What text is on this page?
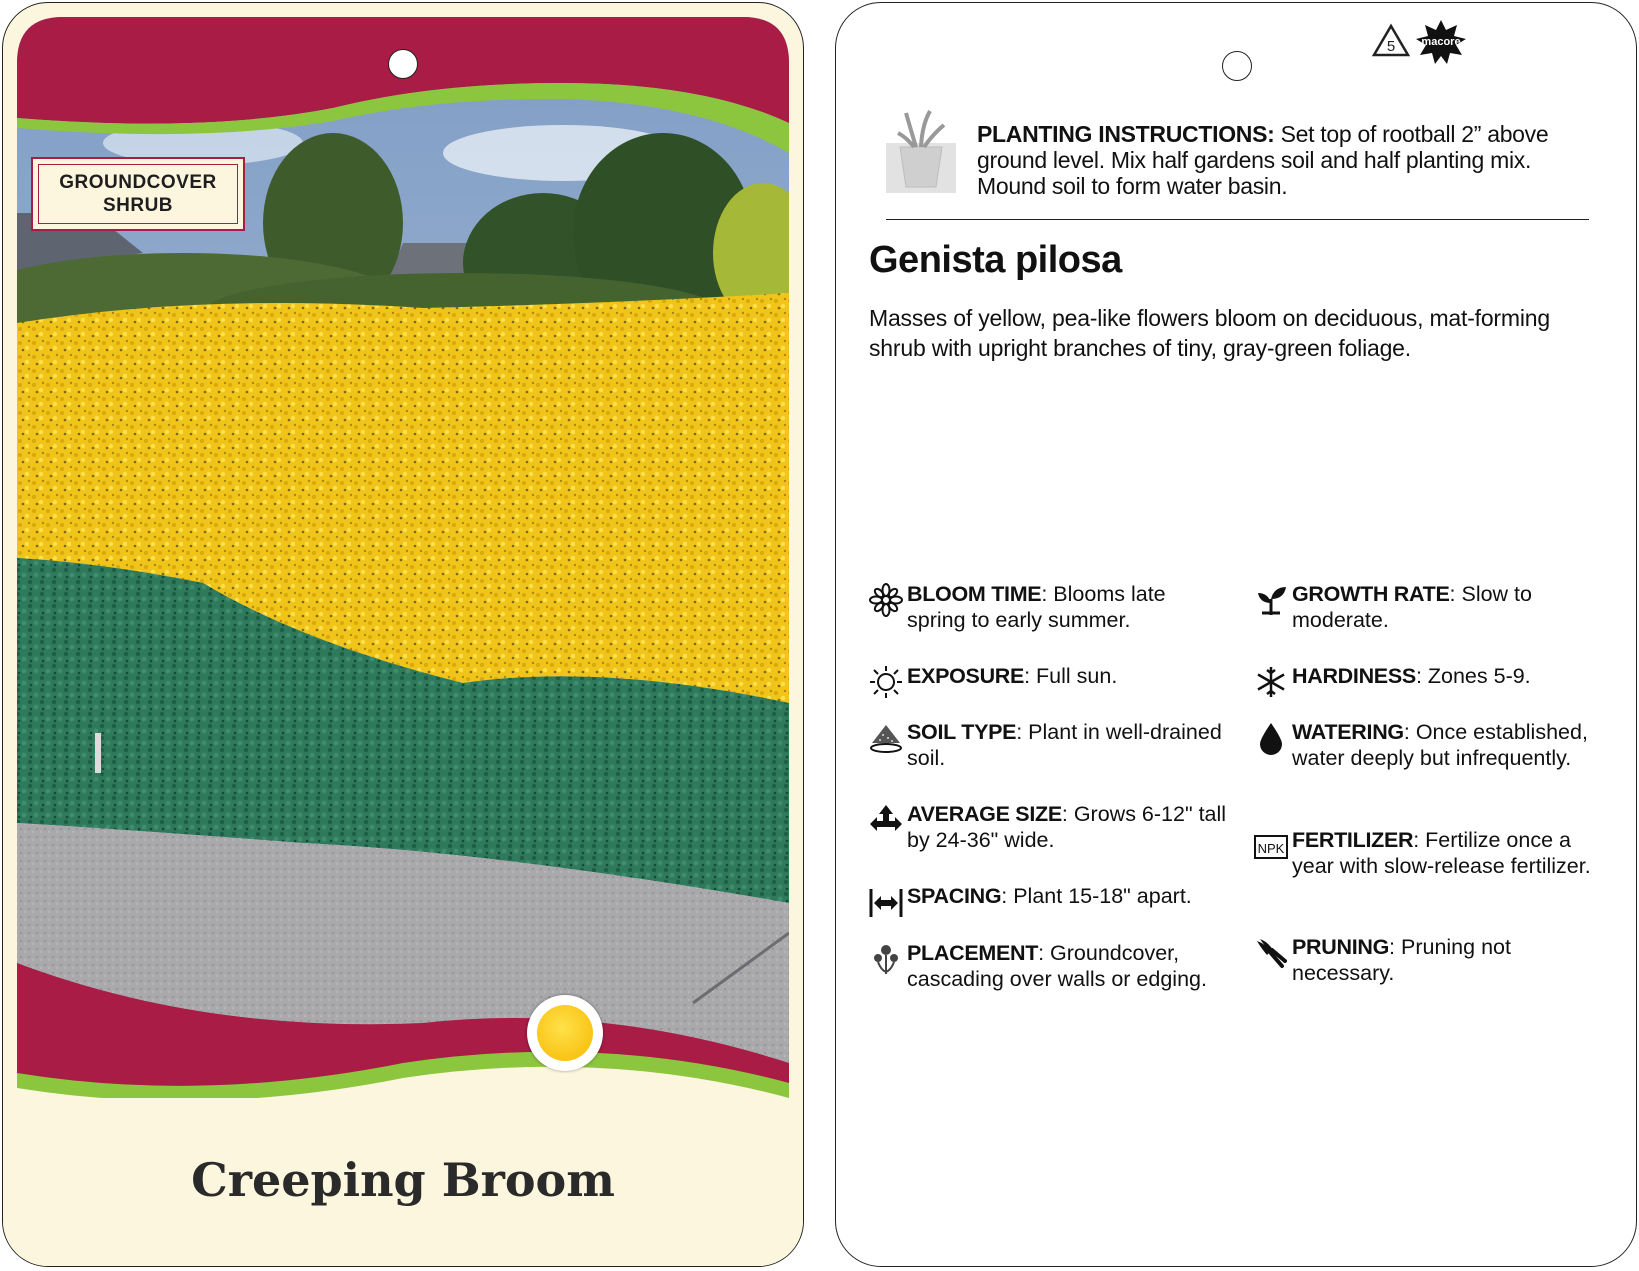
GROUNDCOVER
SHRUB
Creeping Broom
5 macore
PLANTING INSTRUCTIONS: Set top of rootball 2” above ground level. Mix half gardens soil and half planting mix. Mound soil to form water basin.
Genista pilosa
Masses of yellow, pea-like flowers bloom on deciduous, mat-forming shrub with upright branches of tiny, gray-green foliage.
BLOOM TIME: Blooms late spring to early summer.
EXPOSURE: Full sun.
SOIL TYPE: Plant in well-drained soil.
AVERAGE SIZE: Grows 6-12" tall by 24-36" wide.
SPACING: Plant 15-18" apart.
PLACEMENT: Groundcover, cascading over walls or edging.
GROWTH RATE: Slow to moderate.
HARDINESS: Zones 5-9.
WATERING: Once established, water deeply but infrequently.
NPK FERTILIZER: Fertilize once a year with slow-release fertilizer.
PRUNING: Pruning not necessary.
